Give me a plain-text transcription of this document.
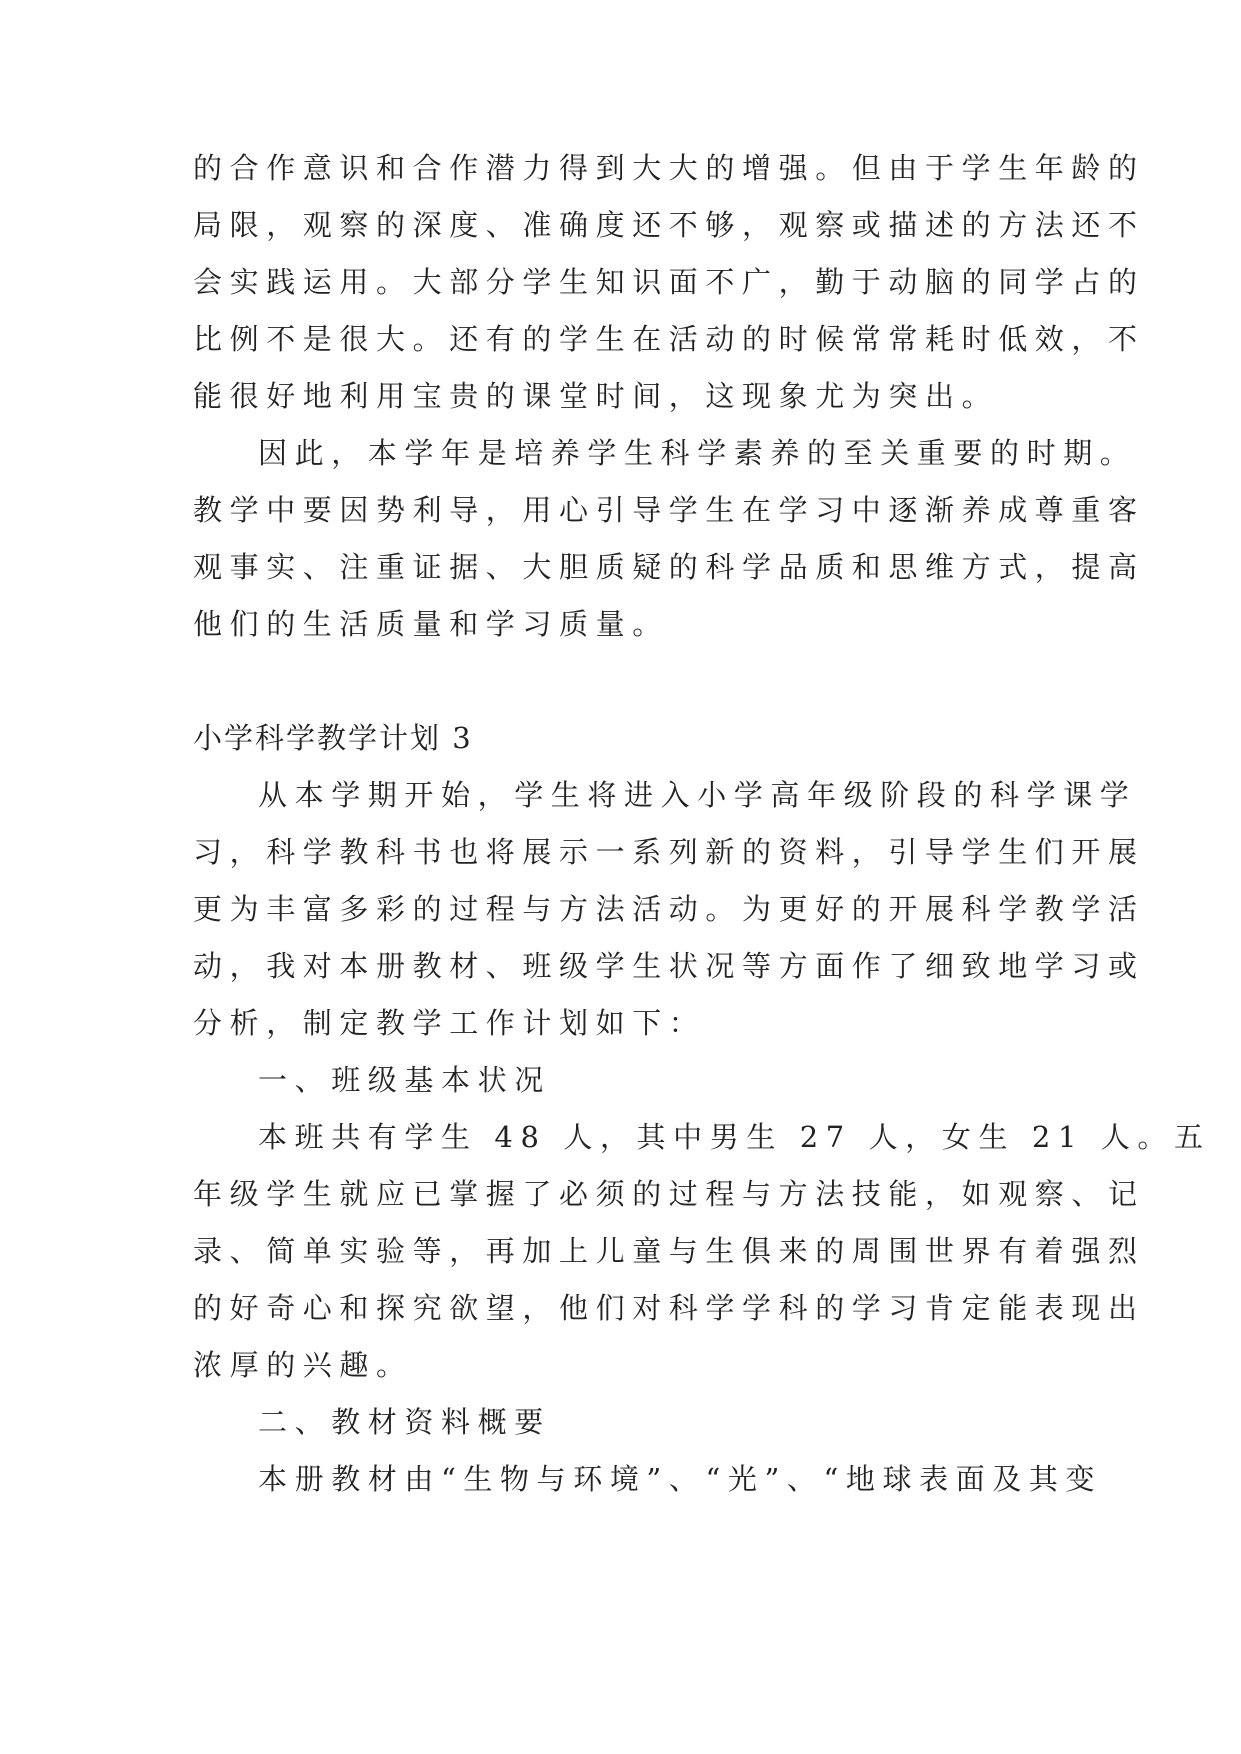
的合作意识和合作潜力得到大大的增强。但由于学生年龄的
局限，观察的深度、准确度还不够，观察或描述的方法还不
会实践运用。大部分学生知识面不广，勤于动脑的同学占的
比例不是很大。还有的学生在活动的时候常常耗时低效，不
能很好地利用宝贵的课堂时间，这现象尤为突出。
因此，本学年是培养学生科学素养的至关重要的时期。
教学中要因势利导，用心引导学生在学习中逐渐养成尊重客
观事实、注重证据、大胆质疑的科学品质和思维方式，提高
他们的生活质量和学习质量。
小学科学教学计划 3
从本学期开始，学生将进入小学高年级阶段的科学课学
习，科学教科书也将展示一系列新的资料，引导学生们开展
更为丰富多彩的过程与方法活动。为更好的开展科学教学活
动，我对本册教材、班级学生状况等方面作了细致地学习或
分析，制定教学工作计划如下：
一、班级基本状况
本班共有学生 48 人，其中男生 27 人，女生 21 人。五
年级学生就应已掌握了必须的过程与方法技能，如观察、记
录、简单实验等，再加上儿童与生俱来的周围世界有着强烈
的好奇心和探究欲望，他们对科学学科的学习肯定能表现出
浓厚的兴趣。
二、教材资料概要
本册教材由“生物与环境”、“光”、“地球表面及其变
